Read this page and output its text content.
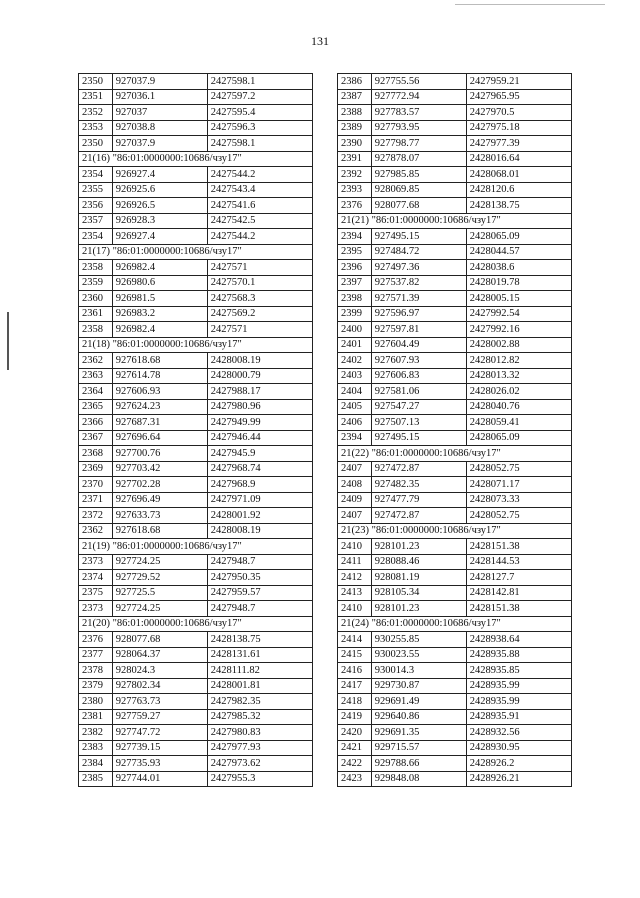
131
2350	927037.9	2427598.1
2351	927036.1	2427597.2
2352	927037	2427595.4
2353	927038.8	2427596.3
2350	927037.9	2427598.1
21(16) "86:01:0000000:10686/чзу17"		
2354	926927.4	2427544.2
2355	926925.6	2427543.4
2356	926926.5	2427541.6
2357	926928.3	2427542.5
2354	926927.4	2427544.2
21(17) "86:01:0000000:10686/чзу17"		
2358	926982.4	2427571
2359	926980.6	2427570.1
2360	926981.5	2427568.3
2361	926983.2	2427569.2
2358	926982.4	2427571
21(18) "86:01:0000000:10686/чзу17"		
2362	927618.68	2428008.19
2363	927614.78	2428000.79
2364	927606.93	2427988.17
2365	927624.23	2427980.96
2366	927687.31	2427949.99
2367	927696.64	2427946.44
2368	927700.76	2427945.9
2369	927703.42	2427968.74
2370	927702.28	2427968.9
2371	927696.49	2427971.09
2372	927633.73	2428001.92
2362	927618.68	2428008.19
21(19) "86:01:0000000:10686/чзу17"		
2373	927724.25	2427948.7
2374	927729.52	2427950.35
2375	927725.5	2427959.57
2373	927724.25	2427948.7
21(20) "86:01:0000000:10686/чзу17"		
2376	928077.68	2428138.75
2377	928064.37	2428131.61
2378	928024.3	2428111.82
2379	927802.34	2428001.81
2380	927763.73	2427982.35
2381	927759.27	2427985.32
2382	927747.72	2427980.83
2383	927739.15	2427977.93
2384	927735.93	2427973.62
2385	927744.01	2427955.3
2386	927755.56	2427959.21
2387	927772.94	2427965.95
2388	927783.57	2427970.5
2389	927793.95	2427975.18
2390	927798.77	2427977.39
2391	927878.07	2428016.64
2392	927985.85	2428068.01
2393	928069.85	2428120.6
2376	928077.68	2428138.75
21(21) "86:01:0000000:10686/чзу17"		
2394	927495.15	2428065.09
2395	927484.72	2428044.57
2396	927497.36	2428038.6
2397	927537.82	2428019.78
2398	927571.39	2428005.15
2399	927596.97	2427992.54
2400	927597.81	2427992.16
2401	927604.49	2428002.88
2402	927607.93	2428012.82
2403	927606.83	2428013.32
2404	927581.06	2428026.02
2405	927547.27	2428040.76
2406	927507.13	2428059.41
2394	927495.15	2428065.09
21(22) "86:01:0000000:10686/чзу17"		
2407	927472.87	2428052.75
2408	927482.35	2428071.17
2409	927477.79	2428073.33
2407	927472.87	2428052.75
21(23) "86:01:0000000:10686/чзу17"		
2410	928101.23	2428151.38
2411	928088.46	2428144.53
2412	928081.19	2428127.7
2413	928105.34	2428142.81
2410	928101.23	2428151.38
21(24) "86:01:0000000:10686/чзу17"		
2414	930255.85	2428938.64
2415	930023.55	2428935.88
2416	930014.3	2428935.85
2417	929730.87	2428935.99
2418	929691.49	2428935.99
2419	929640.86	2428935.91
2420	929691.35	2428932.56
2421	929715.57	2428930.95
2422	929788.66	2428926.2
2423	929848.08	2428926.21
